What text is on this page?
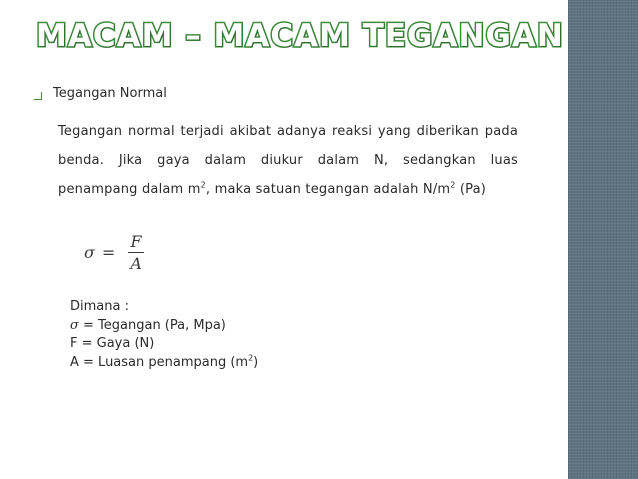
MACAM – MACAM TEGANGAN
Tegangan Normal
Tegangan normal terjadi akibat adanya reaksi yang diberikan pada benda. Jika gaya dalam diukur dalam N, sedangkan luas penampang dalam $m^2$, maka satuan tegangan adalah $N/m^2$ (Pa)
$\sigma = \frac{F}{A}$
Dimana :
σ = Tegangan (Pa, Mpa)
F = Gaya (N)
A = Luasan penampang $(m^2)$
